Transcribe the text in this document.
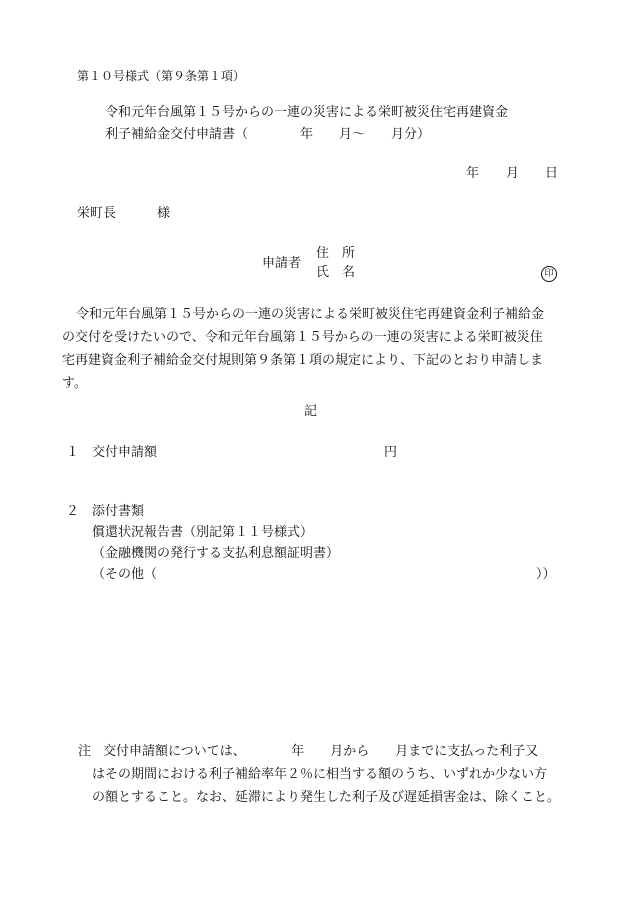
第１０号様式（第９条第１項）
令和元年台風第１５号からの一連の災害による栄町被災住宅再建資金
利子補給金交付申請書（　　　　年　　月～　　月分）
年 月 日
栄町長	様
申請者
住　所
氏　名	印

令和元年台風第１５号からの一連の災害による栄町被災住宅再建資金利子補給金

の交付を受けたいので、令和元年台風第１５号からの一連の災害による栄町被災住

宅再建資金利子補給金交付規則第９条第１項の規定により、下記のとおり申請しま

す。

記
１ 交付申請額	円
２ 添付書類
償還状況報告書（別記第１１号様式）
（金融機関の発行する支払利息額証明書）
（その他（	））
注 交付申請額については、　　　　年　　月から　　月までに支払った利子又

はその期間における利子補給率年２％に相当する額のうち、いずれか少ない方

の額とすること。なお、延滞により発生した利子及び遅延損害金は、除くこと。
